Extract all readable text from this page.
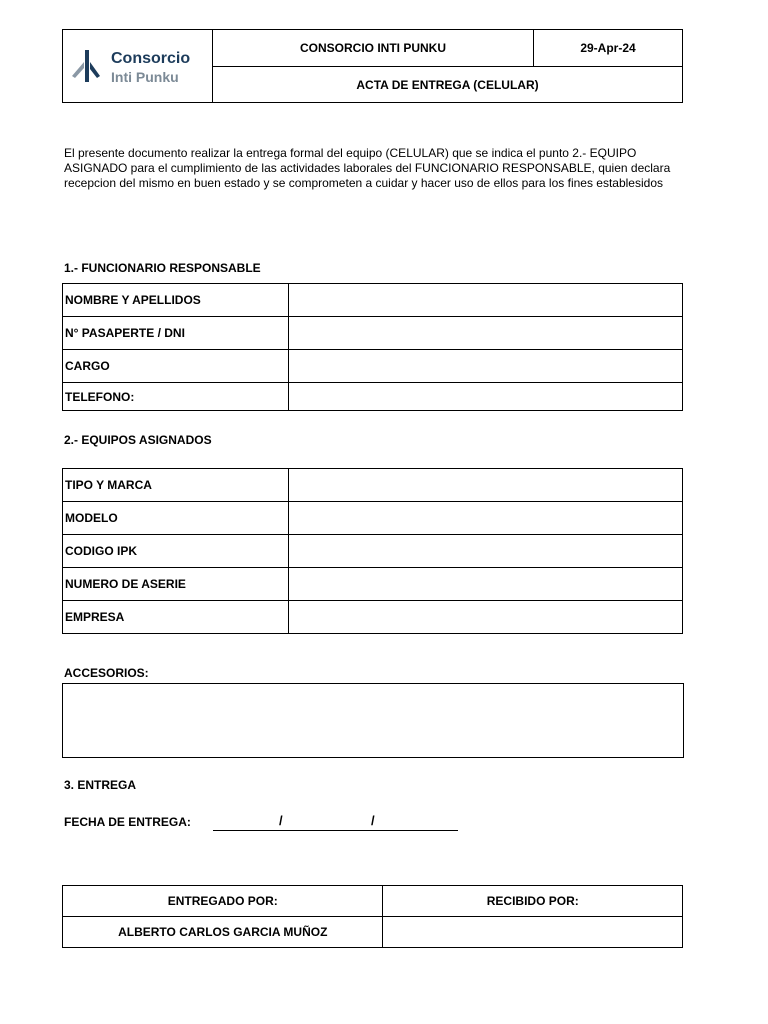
Consorcio
Inti Punku
	CONSORCIO INTI PUNKU	29-Apr-24
ACTA DE ENTREGA (CELULAR)
El presente documento realizar la entrega formal del equipo (CELULAR) que se indica el punto 2.- EQUIPO ASIGNADO para el cumplimiento de las actividades laborales del FUNCIONARIO RESPONSABLE, quien declara recepcion del mismo en buen estado y se comprometen a cuidar y hacer uso de ellos para los fines establesidos
1.- FUNCIONARIO RESPONSABLE
NOMBRE Y APELLIDOS	
N° PASAPERTE / DNI	
CARGO	
TELEFONO:	
2.- EQUIPOS ASIGNADOS
TIPO Y MARCA	
MODELO	
CODIGO IPK	
NUMERO DE ASERIE	
EMPRESA	
ACCESORIOS:
3. ENTREGA
FECHA DE ENTREGA:	/	/
ENTREGADO POR:	RECIBIDO POR:
ALBERTO CARLOS GARCIA MUÑOZ	
